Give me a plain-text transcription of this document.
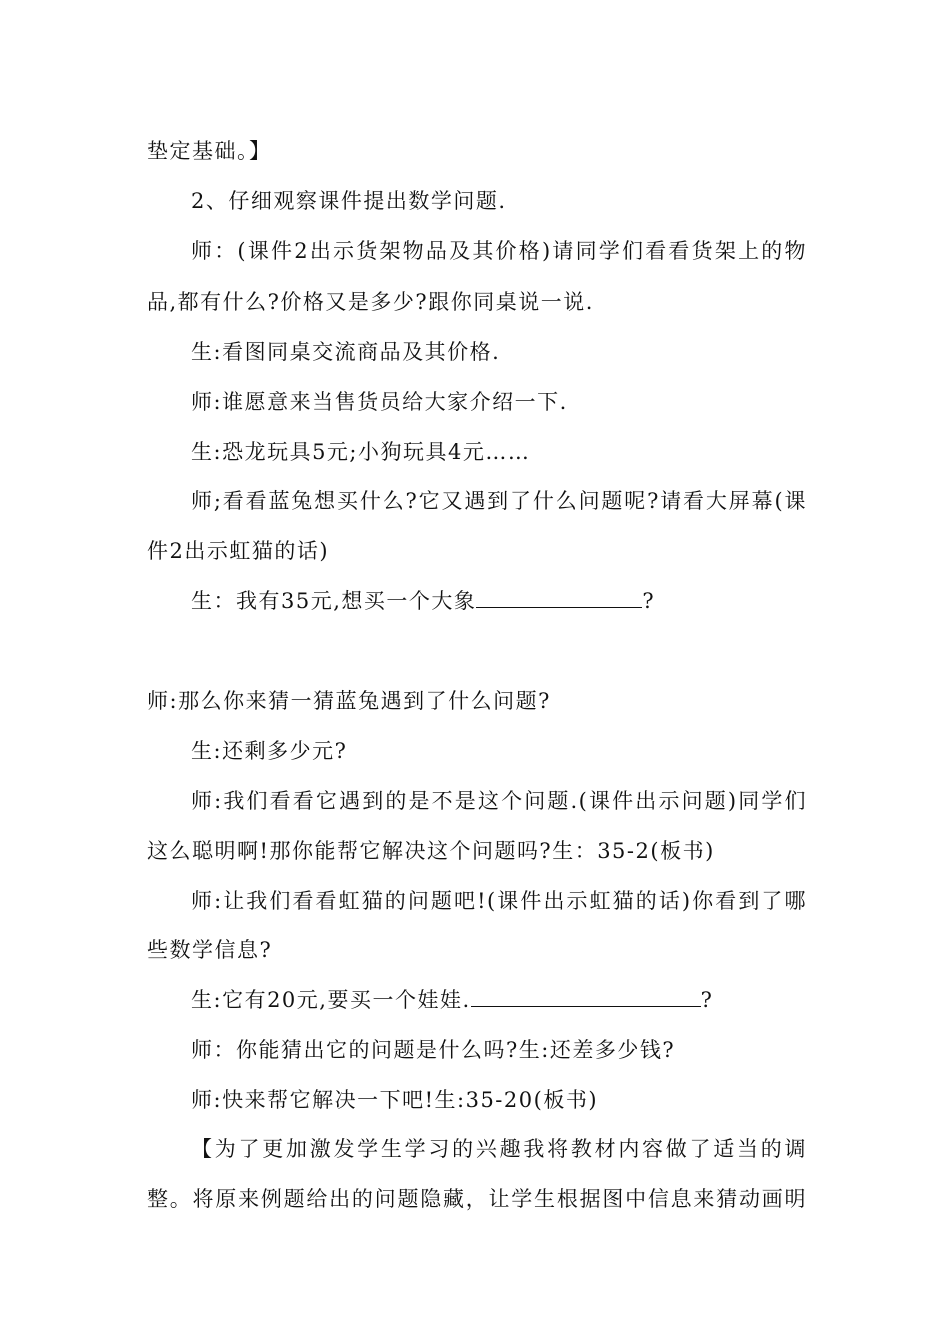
垫定基础。】
2、仔细观察课件提出数学问题.
师：(课件2出示货架物品及其价格)请同学们看看货架上的物
品,都有什么?价格又是多少?跟你同桌说一说.
生:看图同桌交流商品及其价格.
师:谁愿意来当售货员给大家介绍一下.
生:恐龙玩具5元;小狗玩具4元……
师;看看蓝兔想买什么?它又遇到了什么问题呢?请看大屏幕(课
件2出示虹猫的话)
生：我有35元,想买一个大象	?
师:那么你来猜一猜蓝兔遇到了什么问题?
生:还剩多少元?
师:我们看看它遇到的是不是这个问题.(课件出示问题)同学们
这么聪明啊!那你能帮它解决这个问题吗?生：35-2(板书)
师:让我们看看虹猫的问题吧!(课件出示虹猫的话)你看到了哪
些数学信息?
生:它有20元,要买一个娃娃.	?
师：你能猜出它的问题是什么吗?生:还差多少钱?
师:快来帮它解决一下吧!生:35-20(板书)
【为了更加激发学生学习的兴趣我将教材内容做了适当的调
整。将原来例题给出的问题隐藏，让学生根据图中信息来猜动画明
